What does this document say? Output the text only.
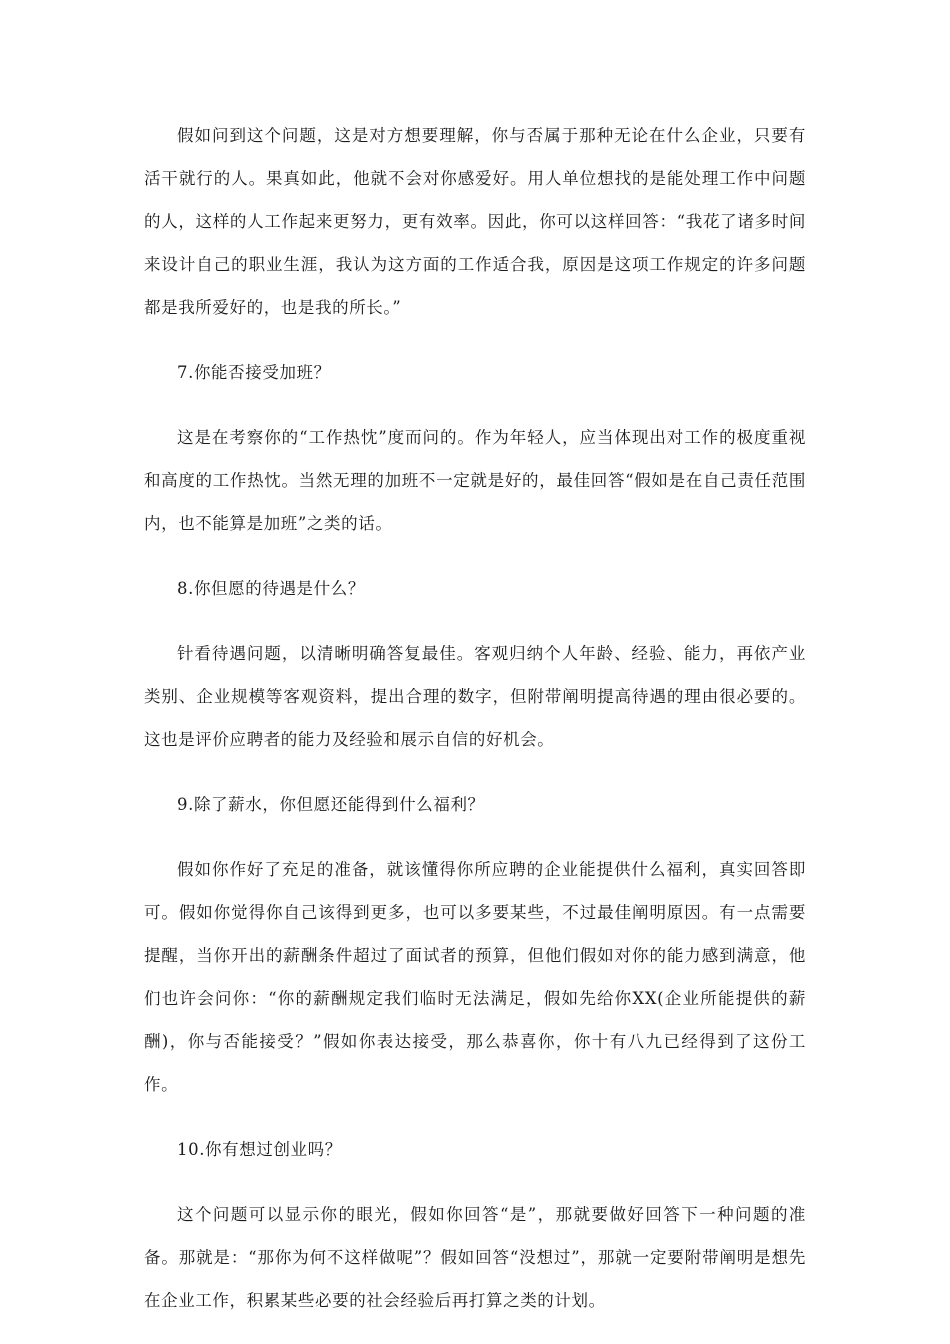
假如问到这个问题，这是对方想要理解，你与否属于那种无论在什么企业，只要有活干就行的人。果真如此，他就不会对你感爱好。用人单位想找的是能处理工作中问题的人，这样的人工作起来更努力，更有效率。因此，你可以这样回答：“我花了诸多时间来设计自己的职业生涯，我认为这方面的工作适合我，原因是这项工作规定的许多问题都是我所爱好的，也是我的所长。”

7.你能否接受加班？

这是在考察你的“工作热忱”度而问的。作为年轻人，应当体现出对工作的极度重视和高度的工作热忱。当然无理的加班不一定就是好的，最佳回答“假如是在自己责任范围内，也不能算是加班”之类的话。

8.你但愿的待遇是什么？

针看待遇问题，以清晰明确答复最佳。客观归纳个人年龄、经验、能力，再依产业类别、企业规模等客观资料，提出合理的数字，但附带阐明提高待遇的理由很必要的。这也是评价应聘者的能力及经验和展示自信的好机会。

9.除了薪水，你但愿还能得到什么福利？

假如你作好了充足的准备，就该懂得你所应聘的企业能提供什么福利，真实回答即可。假如你觉得你自己该得到更多，也可以多要某些，不过最佳阐明原因。有一点需要提醒，当你开出的薪酬条件超过了面试者的预算，但他们假如对你的能力感到满意，他们也许会问你：“你的薪酬规定我们临时无法满足，假如先给你XX(企业所能提供的薪酬)，你与否能接受？”假如你表达接受，那么恭喜你，你十有八九已经得到了这份工作。

10.你有想过创业吗？

这个问题可以显示你的眼光，假如你回答“是”，那就要做好回答下一种问题的准备。那就是：“那你为何不这样做呢”？假如回答“没想过”，那就一定要附带阐明是想先在企业工作，积累某些必要的社会经验后再打算之类的计划。
